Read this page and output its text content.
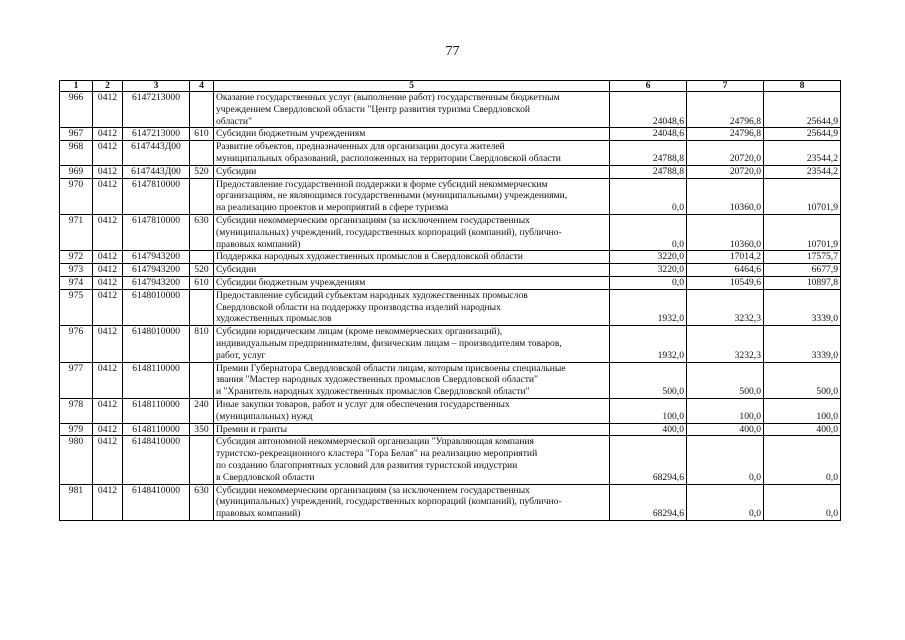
77
1	2	3	4	5	6	7	8
966	0412	6147213000		Оказание государственных услуг (выполнение работ) государственным бюджетным
учреждением Свердловской области "Центр развития туризма Свердловской
области"	24048,6	24796,8	25644,9
967	0412	6147213000	610	Субсидии бюджетным учреждениям	24048,6	24796,8	25644,9
968	0412	6147443Д00		Развитие объектов, предназначенных для организации досуга жителей
муниципальных образований, расположенных на территории Свердловской области	24788,8	20720,0	23544,2
969	0412	6147443Д00	520	Субсидии	24788,8	20720,0	23544,2
970	0412	6147810000		Предоставление государственной поддержки в форме субсидий некоммерческим
организациям, не являющимся государственными (муниципальными) учреждениями,
на реализацию проектов и мероприятий в сфере туризма	0,0	10360,0	10701,9
971	0412	6147810000	630	Субсидии некоммерческим организациям (за исключением государственных
(муниципальных) учреждений, государственных корпораций (компаний), публично-
правовых компаний)	0,0	10360,0	10701,9
972	0412	6147943200		Поддержка народных художественных промыслов в Свердловской области	3220,0	17014,2	17575,7
973	0412	6147943200	520	Субсидии	3220,0	6464,6	6677,9
974	0412	6147943200	610	Субсидии бюджетным учреждениям	0,0	10549,6	10897,8
975	0412	6148010000		Предоставление субсидий субъектам народных художественных промыслов
Свердловской области на поддержку производства изделий народных
художественных промыслов	1932,0	3232,3	3339,0
976	0412	6148010000	810	Субсидии юридическим лицам (кроме некоммерческих организаций),
индивидуальным предпринимателям, физическим лицам – производителям товаров,
работ, услуг	1932,0	3232,3	3339,0
977	0412	6148110000		Премии Губернатора Свердловской области лицам, которым присвоены специальные
звания "Мастер народных художественных промыслов Свердловской области"
и "Хранитель народных художественных промыслов Свердловской области"	500,0	500,0	500,0
978	0412	6148110000	240	Иные закупки товаров, работ и услуг для обеспечения государственных
(муниципальных) нужд	100,0	100,0	100,0
979	0412	6148110000	350	Премии и гранты	400,0	400,0	400,0
980	0412	6148410000		Субсидия автономной некоммерческой организации "Управляющая компания
туристско-рекреационного кластера "Гора Белая" на реализацию мероприятий
по созданию благоприятных условий для развития туристской индустрии
в Свердловской области	68294,6	0,0	0,0
981	0412	6148410000	630	Субсидии некоммерческим организациям (за исключением государственных
(муниципальных) учреждений, государственных корпораций (компаний), публично-
правовых компаний)	68294,6	0,0	0,0
